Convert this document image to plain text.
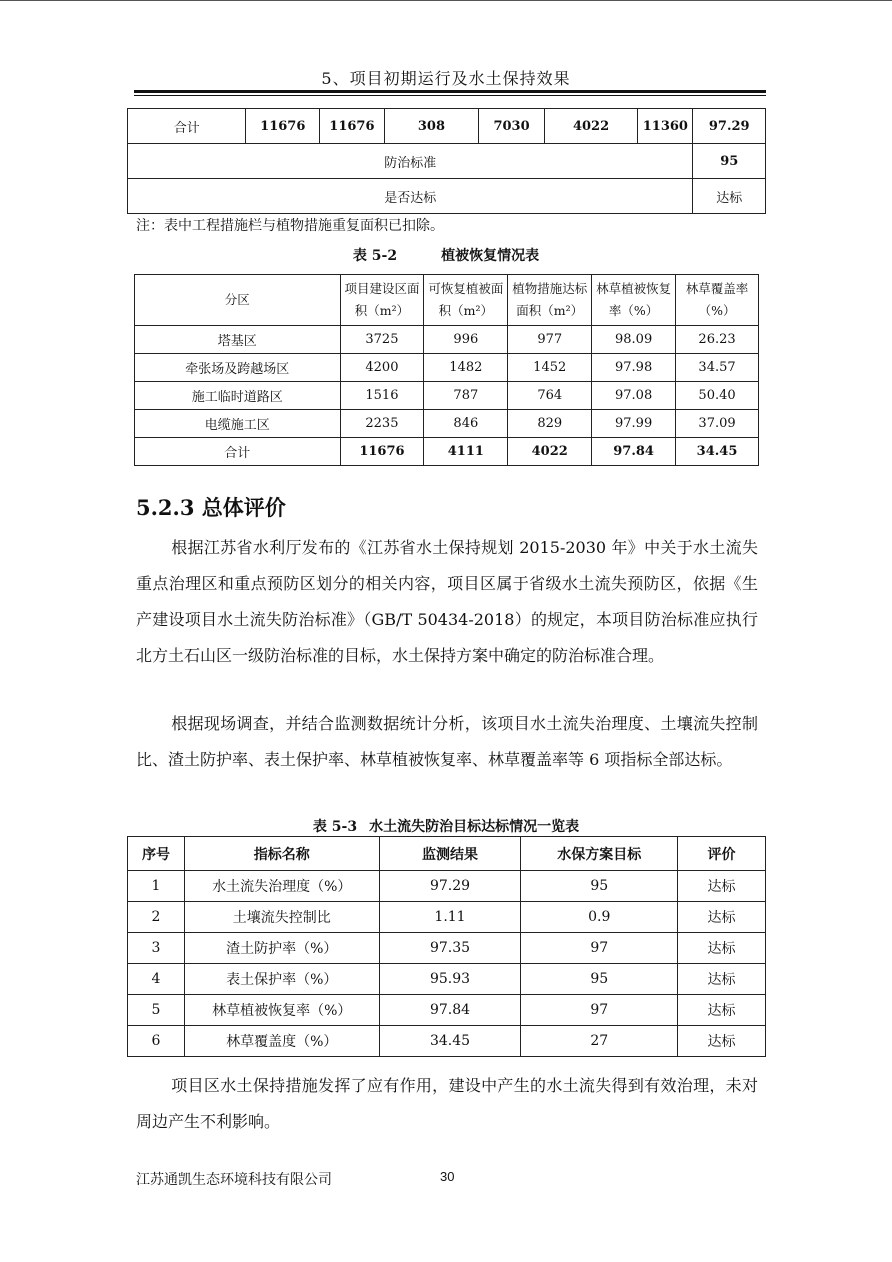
5、项目初期运行及水土保持效果
合计	11676	11676	308	7030	4022	11360	97.29
防治标准							95
是否达标							达标
注：表中工程措施栏与植物措施重复面积已扣除。
表 5-2	植被恢复情况表
分区	项目建设区面积（m²）	可恢复植被面积（m²）	植物措施达标面积（m²）	林草植被恢复率（%）	林草覆盖率（%）
塔基区	3725	996	977	98.09	26.23
牵张场及跨越场区	4200	1482	1452	97.98	34.57
施工临时道路区	1516	787	764	97.08	50.40
电缆施工区	2235	846	829	97.99	37.09
合计	11676	4111	4022	97.84	34.45
5.2.3 总体评价
根据江苏省水利厅发布的《江苏省水土保持规划 2015-2030 年》中关于水土流失重点治理区和重点预防区划分的相关内容，项目区属于省级水土流失预防区，依据《生产建设项目水土流失防治标准》（GB/T 50434-2018）的规定，本项目防治标准应执行北方土石山区一级防治标准的目标，水土保持方案中确定的防治标准合理。
根据现场调查，并结合监测数据统计分析，该项目水土流失治理度、土壤流失控制比、渣土防护率、表土保护率、林草植被恢复率、林草覆盖率等 6 项指标全部达标。
表 5-3 水土流失防治目标达标情况一览表
序号	指标名称	监测结果	水保方案目标	评价
1	水土流失治理度（%）	97.29	95	达标
2	土壤流失控制比	1.11	0.9	达标
3	渣土防护率（%）	97.35	97	达标
4	表土保护率（%）	95.93	95	达标
5	林草植被恢复率（%）	97.84	97	达标
6	林草覆盖度（%）	34.45	27	达标
项目区水土保持措施发挥了应有作用，建设中产生的水土流失得到有效治理，未对周边产生不利影响。
江苏通凯生态环境科技有限公司	30
